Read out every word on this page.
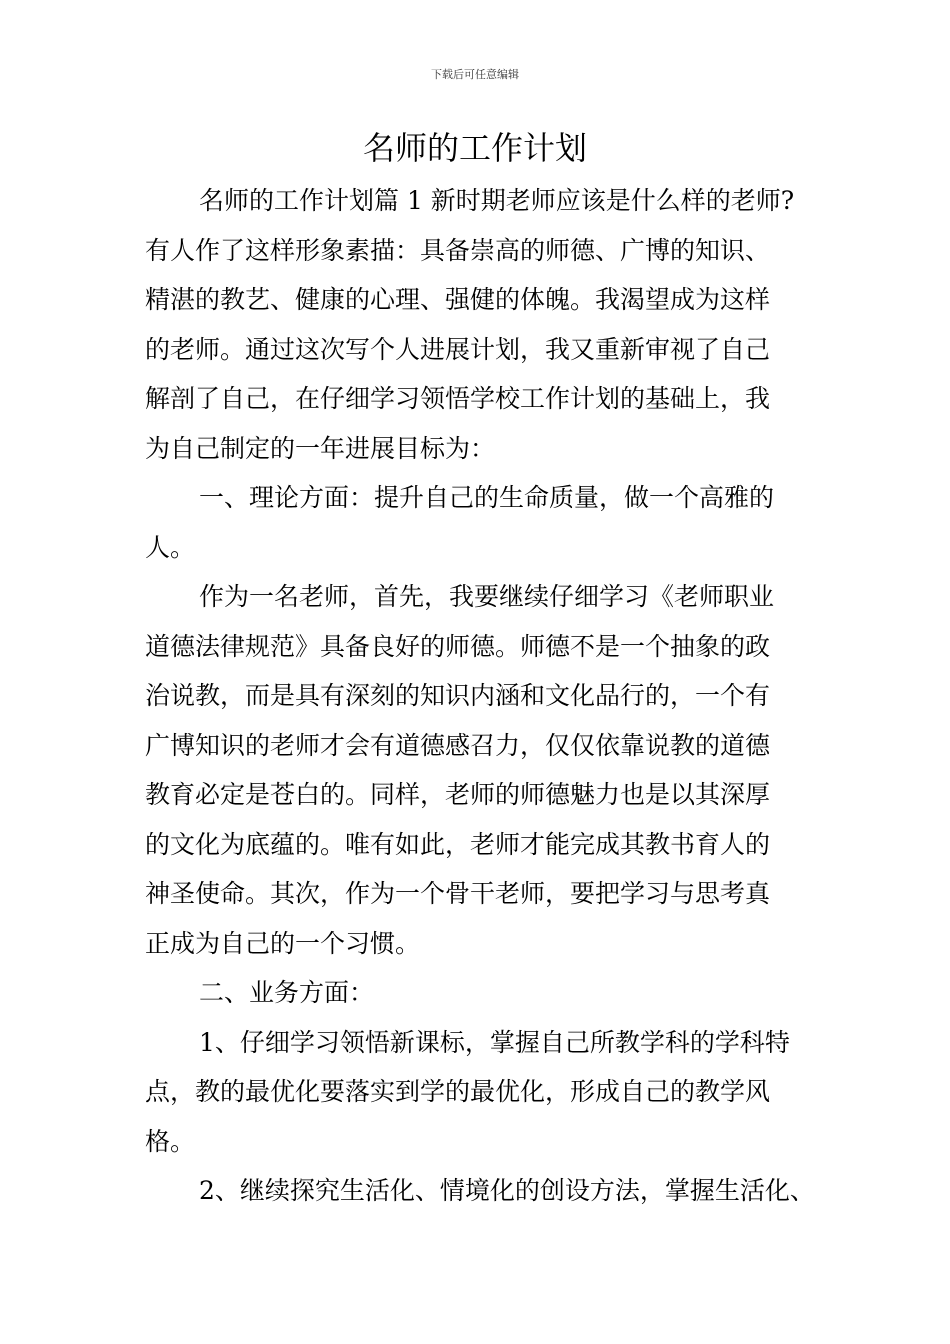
下载后可任意编辑
名师的工作计划
名师的工作计划篇 1 新时期老师应该是什么样的老师?
有人作了这样形象素描：具备崇高的师德、广博的知识、
精湛的教艺、健康的心理、强健的体魄。我渴望成为这样
的老师。通过这次写个人进展计划，我又重新审视了自己
解剖了自己，在仔细学习领悟学校工作计划的基础上，我
为自己制定的一年进展目标为：
一、理论方面：提升自己的生命质量，做一个高雅的
人。
作为一名老师，首先，我要继续仔细学习《老师职业
道德法律规范》具备良好的师德。师德不是一个抽象的政
治说教，而是具有深刻的知识内涵和文化品行的，一个有
广博知识的老师才会有道德感召力，仅仅依靠说教的道德
教育必定是苍白的。同样，老师的师德魅力也是以其深厚
的文化为底蕴的。唯有如此，老师才能完成其教书育人的
神圣使命。其次，作为一个骨干老师，要把学习与思考真
正成为自己的一个习惯。
二、业务方面：
1、仔细学习领悟新课标，掌握自己所教学科的学科特
点，教的最优化要落实到学的最优化，形成自己的教学风
格。
2、继续探究生活化、情境化的创设方法，掌握生活化、
